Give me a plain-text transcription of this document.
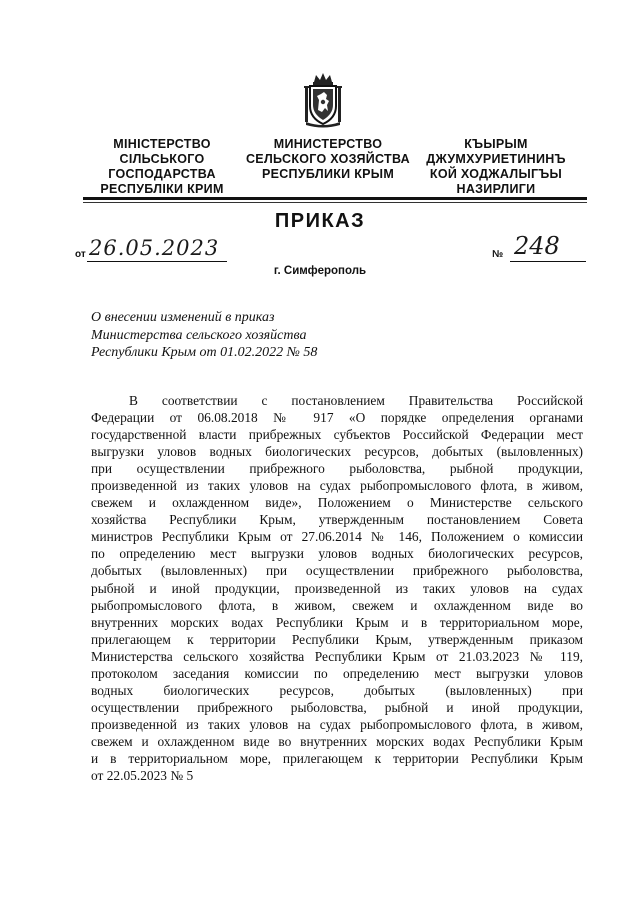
МІНІСТЕРСТВО
СІЛЬСЬКОГО
ГОСПОДАРСТВА
РЕСПУБЛІКИ КРИМ
МИНИСТЕРСТВО
СЕЛЬСКОГО ХОЗЯЙСТВА
РЕСПУБЛИКИ КРЫМ
КЪЫРЫМ
ДЖУМХУРИЕТИНИНЪ
КОЙ ХОДЖАЛЫГЪЫ
НАЗИРЛИГИ
ПРИКАЗ
от 26.05.2023	№ 248
г. Симферополь
О внесении изменений в приказ
Министерства сельского хозяйства
Республики Крым от 01.02.2022 № 58
В соответствии с постановлением Правительства Российской
Федерации от 06.08.2018 № 917 «О порядке определения органами
государственной власти прибрежных субъектов Российской Федерации мест
выгрузки уловов водных биологических ресурсов, добытых (выловленных)
при осуществлении прибрежного рыболовства, рыбной продукции,
произведенной из таких уловов на судах рыбопромыслового флота, в живом,
свежем и охлажденном виде», Положением о Министерстве сельского
хозяйства Республики Крым, утвержденным постановлением Совета
министров Республики Крым от 27.06.2014 № 146, Положением о комиссии
по определению мест выгрузки уловов водных биологических ресурсов,
добытых (выловленных) при осуществлении прибрежного рыболовства,
рыбной и иной продукции, произведенной из таких уловов на судах
рыбопромыслового флота, в живом, свежем и охлажденном виде во
внутренних морских водах Республики Крым и в территориальном море,
прилегающем к территории Республики Крым, утвержденным приказом
Министерства сельского хозяйства Республики Крым от 21.03.2023 № 119,
протоколом заседания комиссии по определению мест выгрузки уловов
водных биологических ресурсов, добытых (выловленных) при
осуществлении прибрежного рыболовства, рыбной и иной продукции,
произведенной из таких уловов на судах рыбопромыслового флота, в живом,
свежем и охлажденном виде во внутренних морских водах Республики Крым
и в территориальном море, прилегающем к территории Республики Крым
от 22.05.2023 № 5
